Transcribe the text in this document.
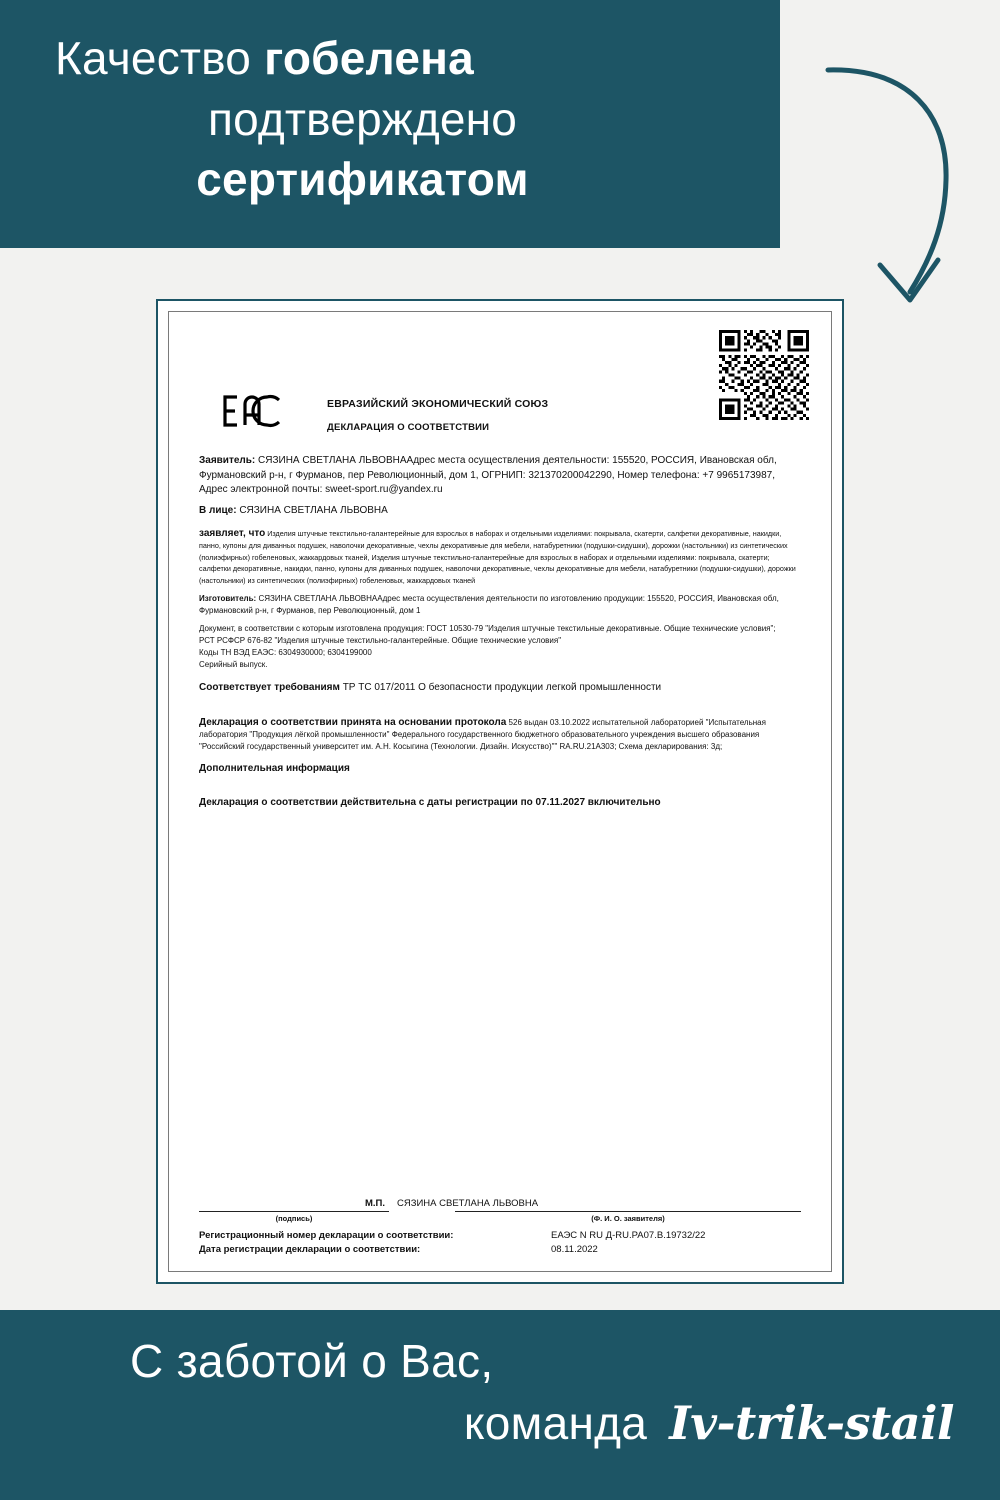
Качество гобелена
подтверждено
сертификатом
ЕВРАЗИЙСКИЙ ЭКОНОМИЧЕСКИЙ СОЮЗ
ДЕКЛАРАЦИЯ О СООТВЕТСТВИИ
Заявитель: СЯЗИНА СВЕТЛАНА ЛЬВОВНААдрес места осуществления деятельности: 155520, РОССИЯ, Ивановская обл, Фурмановский р-н, г Фурманов, пер Революционный, дом 1, ОГРНИП: 321370200042290, Номер телефона: +7 9965173987, Адрес электронной почты: sweet-sport.ru@yandex.ru
В лице: СЯЗИНА СВЕТЛАНА ЛЬВОВНА
заявляет, что Изделия штучные текстильно-галантерейные для взрослых в наборах и отдельными изделиями: покрывала, скатерти, салфетки декоративные, накидки, панно, купоны для диванных подушек, наволочки декоративные, чехлы декоративные для мебели, натабуретники (подушки-сидушки), дорожки (настольники) из синтетических (полиэфирных) гобеленовых, жаккардовых тканей, Изделия штучные текстильно-галантерейные для взрослых в наборах и отдельными изделиями: покрывала, скатерти; салфетки декоративные, накидки, панно, купоны для диванных подушек, наволочки декоративные, чехлы декоративные для мебели, натабуретники (подушки-сидушки), дорожки (настольники) из синтетических (полиэфирных) гобеленовых, жаккардовых тканей
Изготовитель: СЯЗИНА СВЕТЛАНА ЛЬВОВНААдрес места осуществления деятельности по изготовлению продукции: 155520, РОССИЯ, Ивановская обл, Фурмановский р-н, г Фурманов, пер Революционный, дом 1
Документ, в соответствии с которым изготовлена продукция: ГОСТ 10530-79 "Изделия штучные текстильные декоративные. Общие технические условия";
РСТ РСФСР 676-82 "Изделия штучные текстильно-галантерейные. Общие технические условия"
Коды ТН ВЭД ЕАЭС: 6304930000; 6304199000
Серийный выпуск.
Соответствует требованиям ТР ТС 017/2011 О безопасности продукции легкой промышленности
Декларация о соответствии принята на основании протокола 526 выдан 03.10.2022 испытательной лабораторией "Испытательная лаборатория "Продукция лёгкой промышленности" Федерального государственного бюджетного образовательного учреждения высшего образования "Российский государственный университет им. А.Н. Косыгина (Технологии. Дизайн. Искусство)"" RA.RU.21A303; Схема декларирования: 3д;
Дополнительная информация
Декларация о соответствии действительна с даты регистрации по 07.11.2027 включительно
М.П.	СЯЗИНА СВЕТЛАНА ЛЬВОВНА
(подпись)	(Ф. И. О. заявителя)
Регистрационный номер декларации о соответствии:	ЕАЭС N RU Д-RU.РА07.В.19732/22
Дата регистрации декларации о соответствии:	08.11.2022
С заботой о Вас,
команда Iv-trik-stail
